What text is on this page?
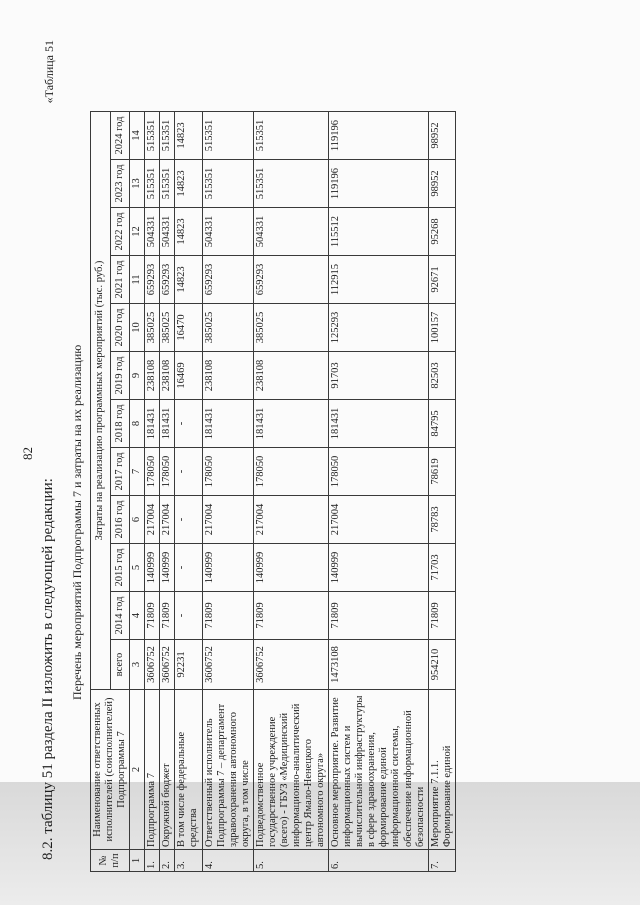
82
8.2. таблицу 51 раздела II изложить в следующей редакции:
«Таблица 51
Перечень мероприятий Подпрограммы 7 и затраты на их реализацию
№ п/п	Наименование ответственных исполнителей (соисполнителей) Подпрограммы 7	Затраты на реализацию программных мероприятий (тыс. руб.)											
		всего	2014 год	2015 год	2016 год	2017 год	2018 год	2019 год	2020 год	2021 год	2022 год	2023 год	2024 год
1	2	3	4	5	6	7	8	9	10	11	12	13	14
1.	Подпрограмма 7	3606752	71809	140999	217004	178050	181431	238108	385025	659293	504331	515351	515351
2.	Окружной бюджет	3606752	71809	140999	217004	178050	181431	238108	385025	659293	504331	515351	515351
3.	В том числе федеральные средства	92231	-	-	-	-	-	16469	16470	14823	14823	14823	14823
4.	Ответственный исполнитель Подпрограммы 7 – департамент здравоохранения автономного округа, в том числе	3606752	71809	140999	217004	178050	181431	238108	385025	659293	504331	515351	515351
5.	Подведомственное государственное учреждение (всего) - ГБУЗ «Медицинский информационно-аналитический центр Ямало-Ненецкого автономного округа»	3606752	71809	140999	217004	178050	181431	238108	385025	659293	504331	515351	515351
6.	Основное мероприятие. Развитие информационных систем и вычислительной инфраструктуры в сфере здравоохранения, формирование единой информационной системы, обеспечение информационной безопасности	1473108	71809	140999	217004	178050	181431	91703	125293	112915	115512	119196	119196
7.	Мероприятие 7.1.1. Формирование единой	954210	71809	71703	78783	78619	84795	82503	100157	92671	95268	98952	98952
